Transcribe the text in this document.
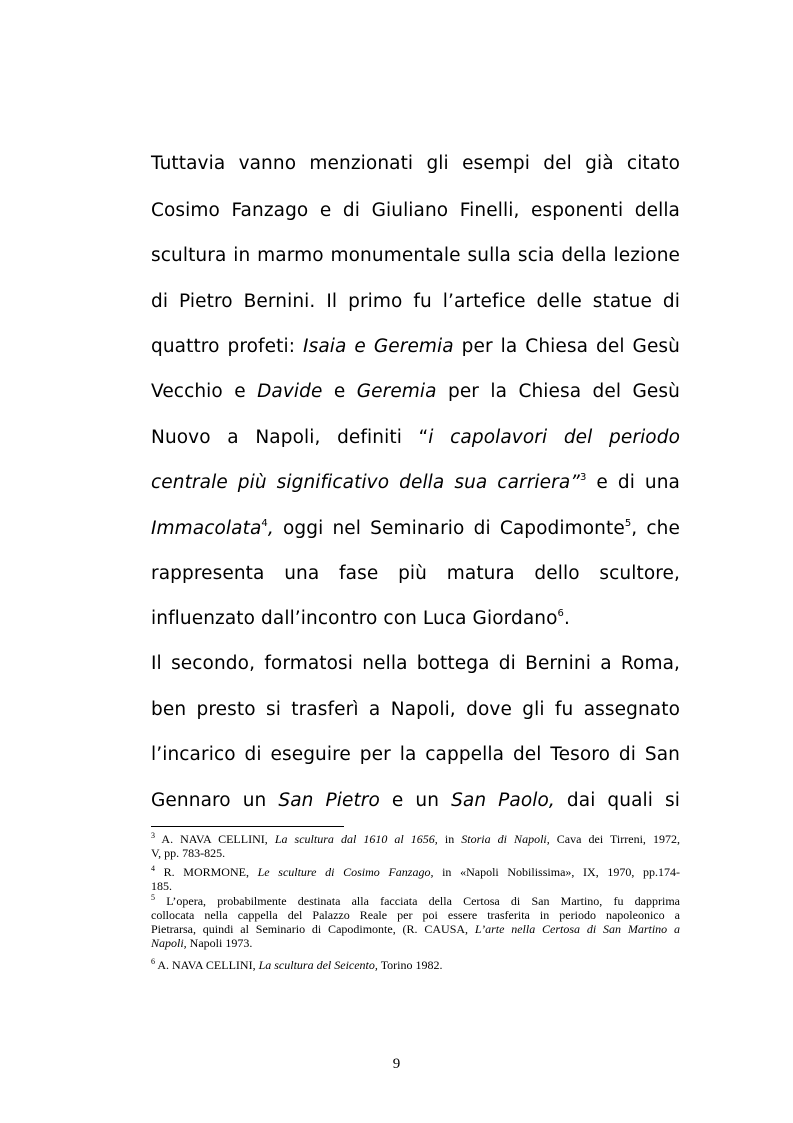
Tuttavia vanno menzionati gli esempi del già citato
Cosimo Fanzago e di Giuliano Finelli, esponenti della
scultura in marmo monumentale sulla scia della lezione
di Pietro Bernini. Il primo fu l’artefice delle statue di
quattro profeti: Isaia e Geremia per la Chiesa del Gesù
Vecchio e Davide e Geremia per la Chiesa del Gesù
Nuovo a Napoli, definiti “i capolavori del periodo
centrale più significativo della sua carriera”$^3$ e di una
Immacolata$^4$, oggi nel Seminario di Capodimonte$^5$, che
rappresenta una fase più matura dello scultore,
influenzato dall’incontro con Luca Giordano$^6$.
Il secondo, formatosi nella bottega di Bernini a Roma,
ben presto si trasferì a Napoli, dove gli fu assegnato
l’incarico di eseguire per la cappella del Tesoro di San
Gennaro un San Pietro e un San Paolo, dai quali si
$^3$ A. NAVA CELLINI, La scultura dal 1610 al 1656, in Storia di Napoli, Cava dei Tirreni, 1972,
V, pp. 783-825.
$^4$ R. MORMONE, Le sculture di Cosimo Fanzago, in «Napoli Nobilissima», IX, 1970, pp.174-
185.
$^5$ L’opera, probabilmente destinata alla facciata della Certosa di San Martino, fu dapprima
collocata nella cappella del Palazzo Reale per poi essere trasferita in periodo napoleonico a
Pietrarsa, quindi al Seminario di Capodimonte, (R. CAUSA, L’arte nella Certosa di San Martino a
Napoli, Napoli 1973.
$^6$ A. NAVA CELLINI, La scultura del Seicento, Torino 1982.
9
